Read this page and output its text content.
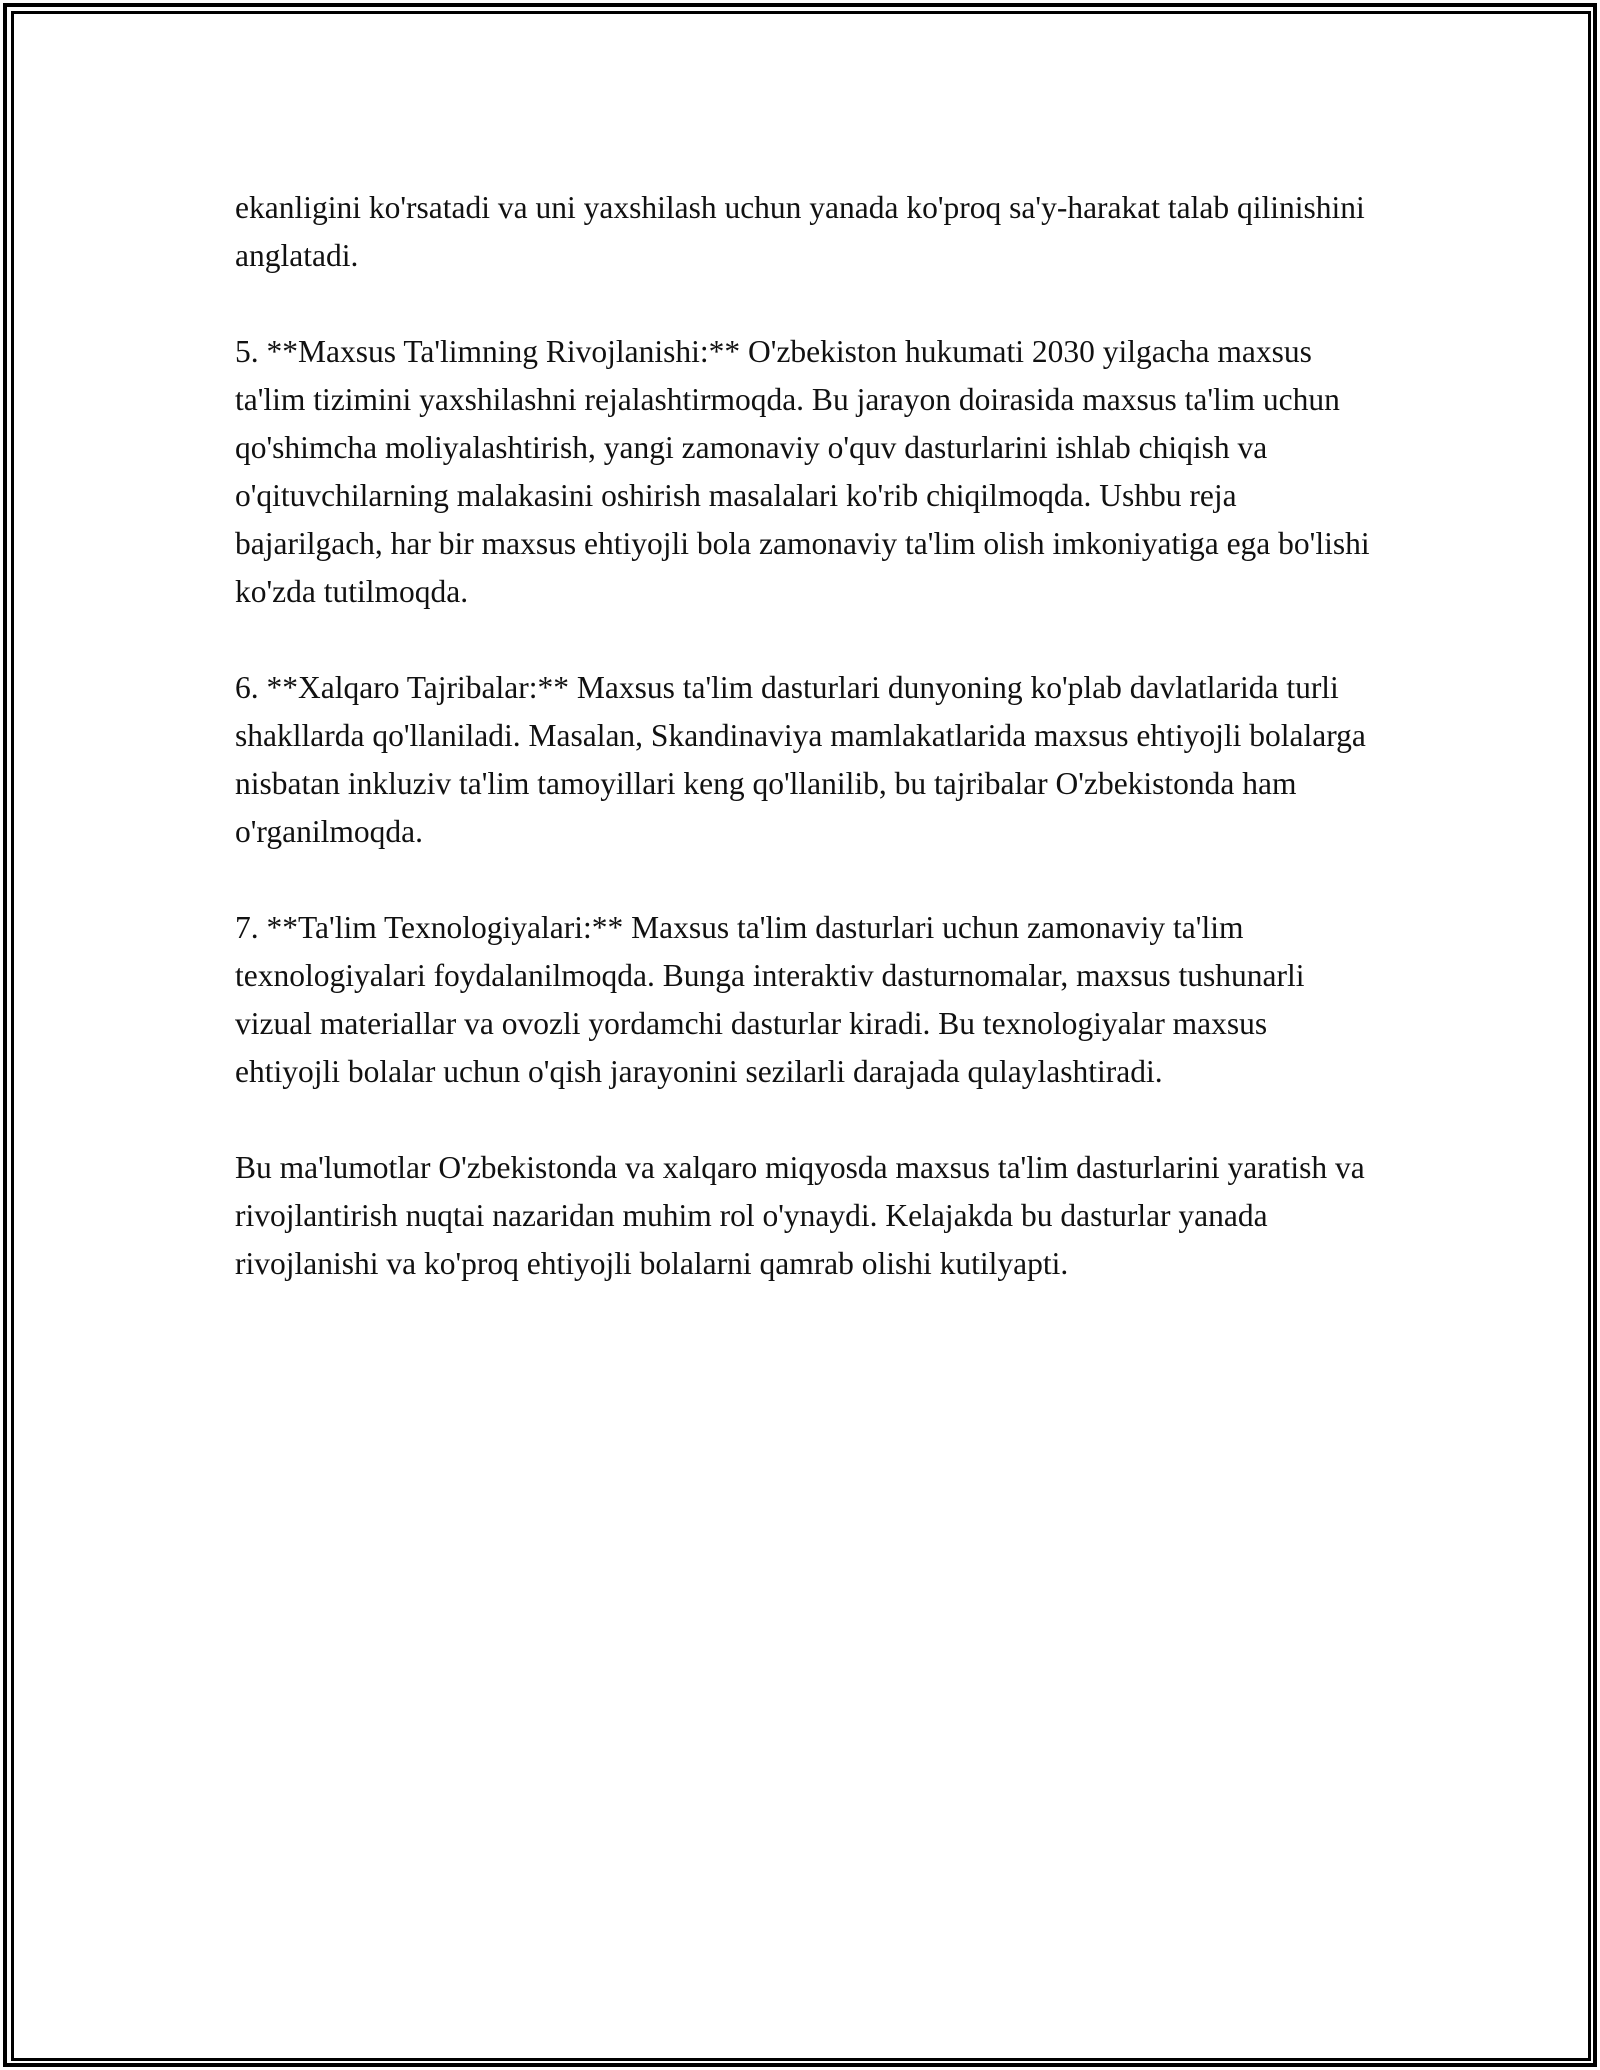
ekanligini ko'rsatadi va uni yaxshilash uchun yanada ko'proq sa'y-harakat talab qilinishini anglatadi.

5. **Maxsus Ta'limning Rivojlanishi:** O'zbekiston hukumati 2030 yilgacha maxsus ta'lim tizimini yaxshilashni rejalashtirmoqda. Bu jarayon doirasida maxsus ta'lim uchun qo'shimcha moliyalashtirish, yangi zamonaviy o'quv dasturlarini ishlab chiqish va o'qituvchilarning malakasini oshirish masalalari ko'rib chiqilmoqda. Ushbu reja bajarilgach, har bir maxsus ehtiyojli bola zamonaviy ta'lim olish imkoniyatiga ega bo'lishi ko'zda tutilmoqda.

6. **Xalqaro Tajribalar:** Maxsus ta'lim dasturlari dunyoning ko'plab davlatlarida turli shakllarda qo'llaniladi. Masalan, Skandinaviya mamlakatlarida maxsus ehtiyojli bolalarga nisbatan inkluziv ta'lim tamoyillari keng qo'llanilib, bu tajribalar O'zbekistonda ham o'rganilmoqda.

7. **Ta'lim Texnologiyalari:** Maxsus ta'lim dasturlari uchun zamonaviy ta'lim texnologiyalari foydalanilmoqda. Bunga interaktiv dasturnomalar, maxsus tushunarli vizual materiallar va ovozli yordamchi dasturlar kiradi. Bu texnologiyalar maxsus ehtiyojli bolalar uchun o'qish jarayonini sezilarli darajada qulaylashtiradi.

Bu ma'lumotlar O'zbekistonda va xalqaro miqyosda maxsus ta'lim dasturlarini yaratish va rivojlantirish nuqtai nazaridan muhim rol o'ynaydi. Kelajakda bu dasturlar yanada rivojlanishi va ko'proq ehtiyojli bolalarni qamrab olishi kutilyapti.
